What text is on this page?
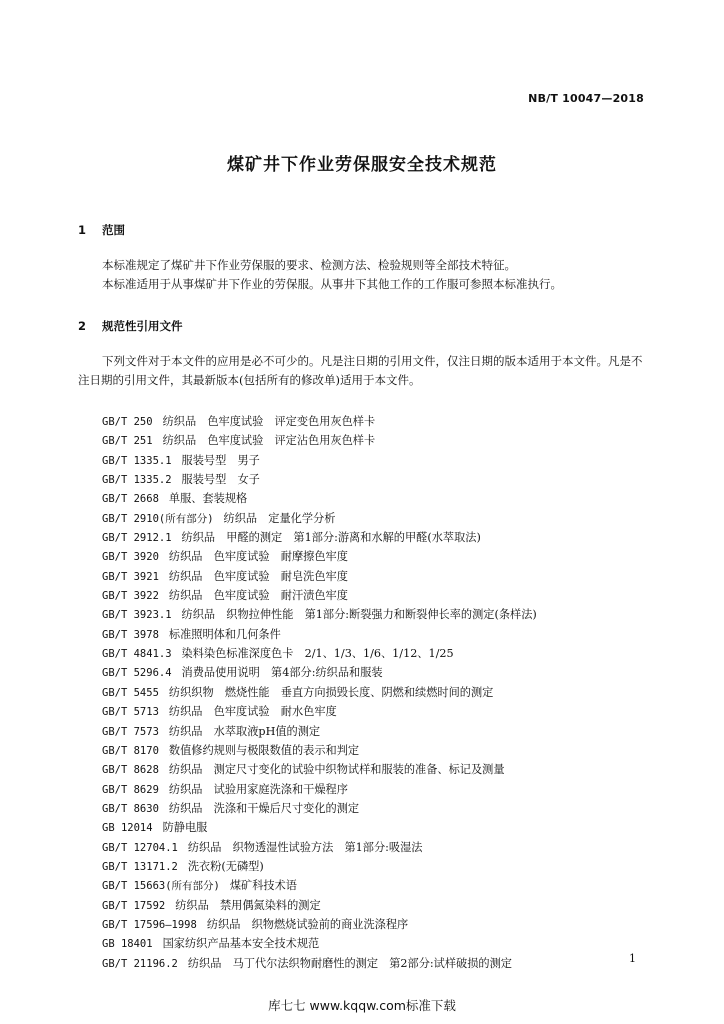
NB/T 10047—2018
煤矿井下作业劳保服安全技术规范
1 范围

本标准规定了煤矿井下作业劳保服的要求、检测方法、检验规则等全部技术特征。

本标准适用于从事煤矿井下作业的劳保服。从事井下其他工作的工作服可参照本标准执行。

2 规范性引用文件

下列文件对于本文件的应用是必不可少的。凡是注日期的引用文件，仅注日期的版本适用于本文件。凡是不注日期的引用文件，其最新版本(包括所有的修改单)适用于本文件。

GB/T 250 纺织品　色牢度试验　评定变色用灰色样卡
GB/T 251 纺织品　色牢度试验　评定沾色用灰色样卡
GB/T 1335.1 服装号型　男子
GB/T 1335.2 服装号型　女子
GB/T 2668 单服、套装规格
GB/T 2910(所有部分) 纺织品　定量化学分析
GB/T 2912.1 纺织品　甲醛的测定　第1部分:游离和水解的甲醛(水萃取法)
GB/T 3920 纺织品　色牢度试验　耐摩擦色牢度
GB/T 3921 纺织品　色牢度试验　耐皂洗色牢度
GB/T 3922 纺织品　色牢度试验　耐汗渍色牢度
GB/T 3923.1 纺织品　织物拉伸性能　第1部分:断裂强力和断裂伸长率的测定(条样法)
GB/T 3978 标准照明体和几何条件
GB/T 4841.3 染料染色标准深度色卡　2/1、1/3、1/6、1/12、1/25
GB/T 5296.4 消费品使用说明　第4部分:纺织品和服装
GB/T 5455 纺织织物　燃烧性能　垂直方向损毁长度、阴燃和续燃时间的测定
GB/T 5713 纺织品　色牢度试验　耐水色牢度
GB/T 7573 纺织品　水萃取液pH值的测定
GB/T 8170 数值修约规则与极限数值的表示和判定
GB/T 8628 纺织品　测定尺寸变化的试验中织物试样和服装的准备、标记及测量
GB/T 8629 纺织品　试验用家庭洗涤和干燥程序
GB/T 8630 纺织品　洗涤和干燥后尺寸变化的测定
GB 12014 防静电服
GB/T 12704.1 纺织品　织物透湿性试验方法　第1部分:吸湿法
GB/T 13171.2 洗衣粉(无磷型)
GB/T 15663(所有部分) 煤矿科技术语
GB/T 17592 纺织品　禁用偶氮染料的测定
GB/T 17596—1998 纺织品　织物燃烧试验前的商业洗涤程序
GB 18401 国家纺织产品基本安全技术规范
GB/T 21196.2 纺织品　马丁代尔法织物耐磨性的测定　第2部分:试样破损的测定	1
库七七 www.kqqw.com标准下载
